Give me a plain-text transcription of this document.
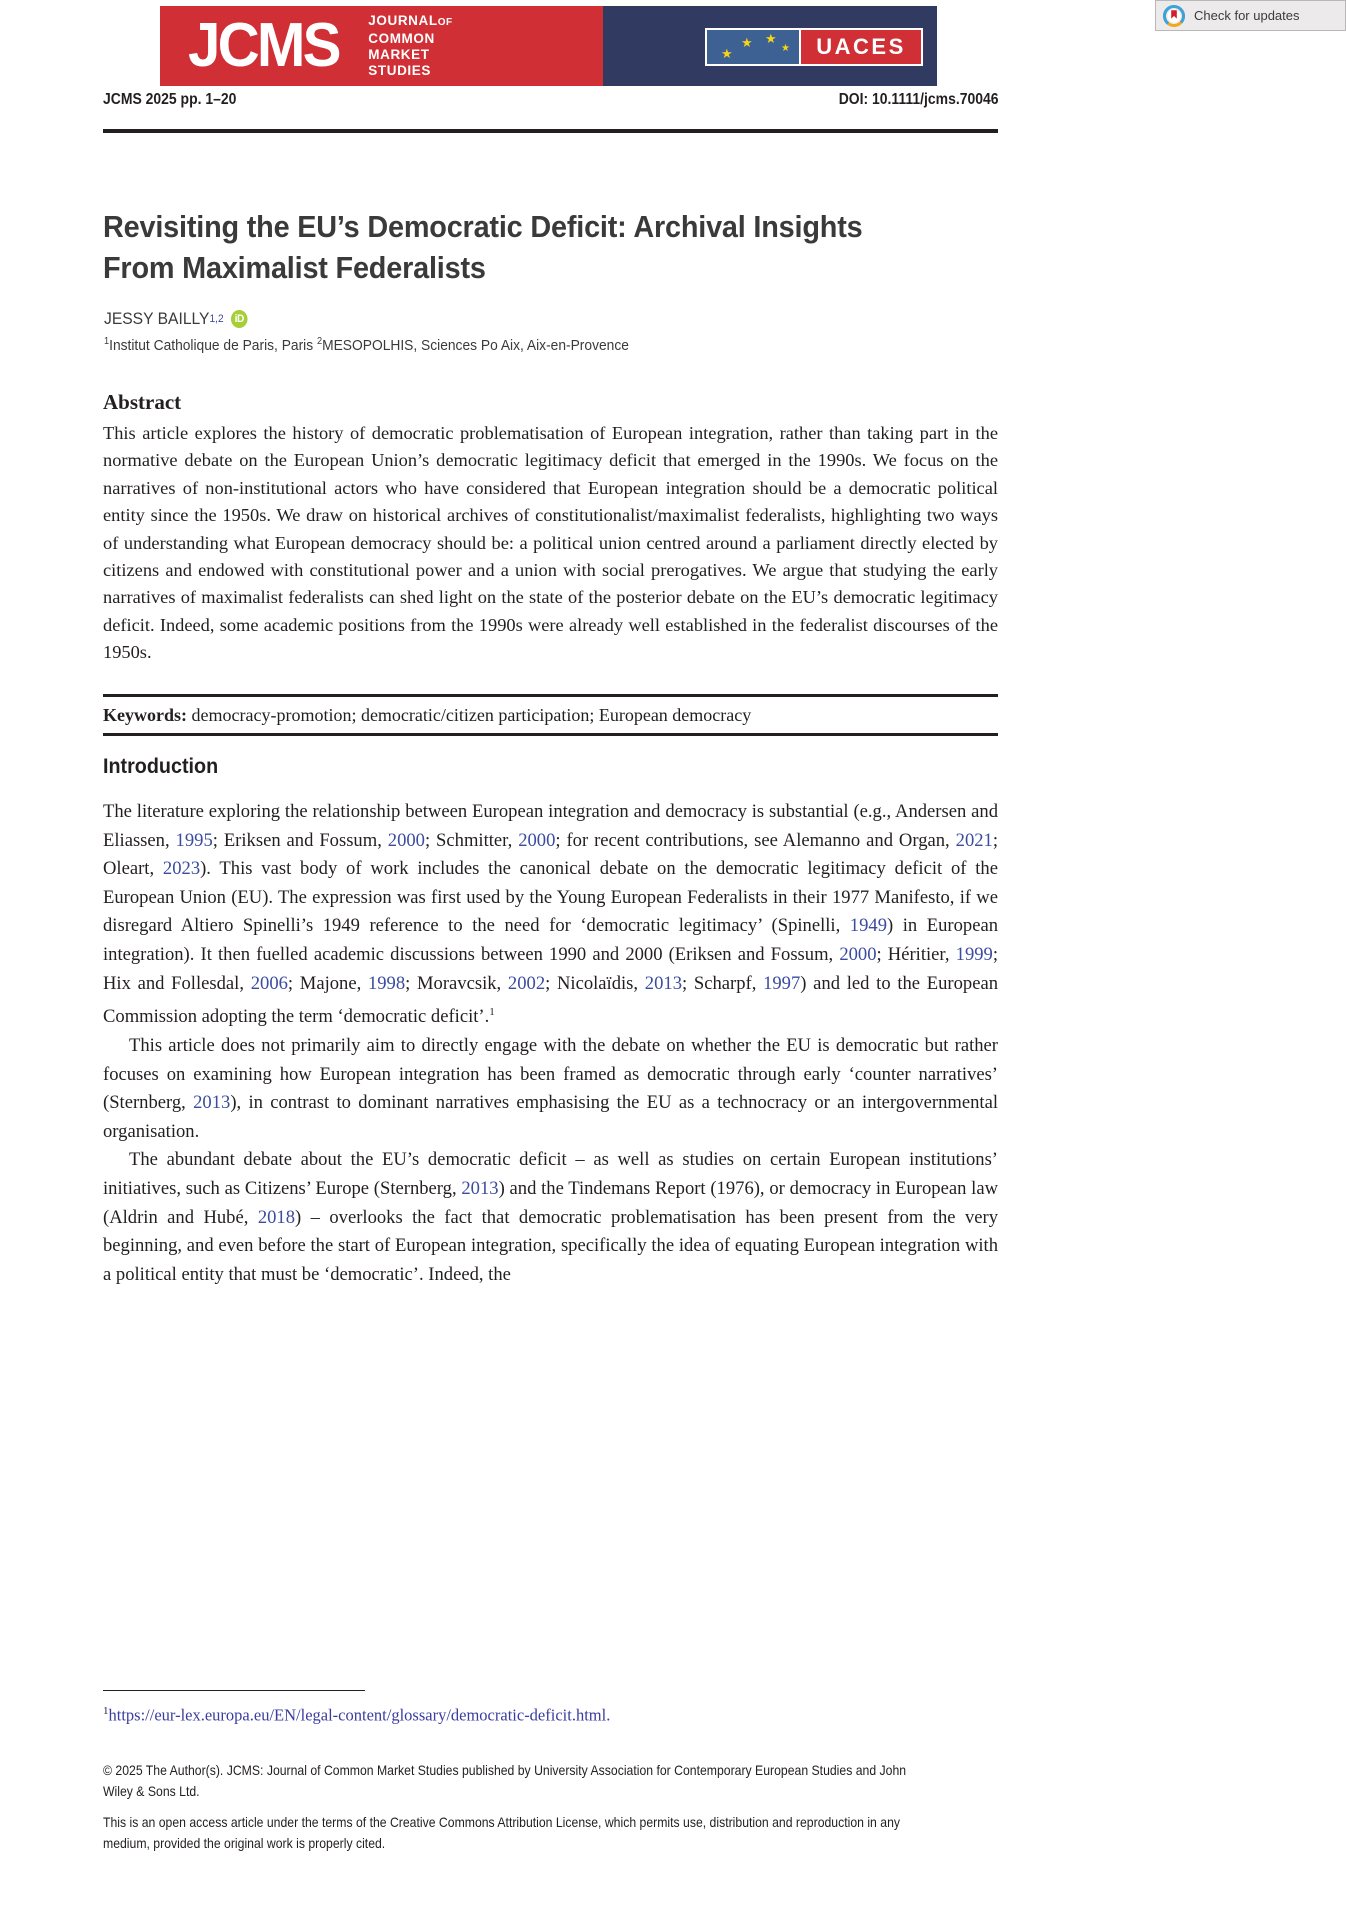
JCMS JOURNALOF
COMMON
MARKET
STUDIES
★
★ ★
★	UACES
Check for updates
JCMS 2025 pp. 1–20	DOI: 10.1111/jcms.70046
Revisiting the EU’s Democratic Deficit: Archival Insights From Maximalist Federalists
JESSY BAILLY 1,2	iD
$^1$Institut Catholique de Paris, Paris $^2$MESOPOLHIS, Sciences Po Aix, Aix-en-Provence
Abstract
This article explores the history of democratic problematisation of European integration, rather than taking part in the normative debate on the European Union’s democratic legitimacy deficit that emerged in the 1990s. We focus on the narratives of non-institutional actors who have considered that European integration should be a democratic political entity since the 1950s. We draw on historical archives of constitutionalist/maximalist federalists, highlighting two ways of understanding what European democracy should be: a political union centred around a parliament directly elected by citizens and endowed with constitutional power and a union with social prerogatives. We argue that studying the early narratives of maximalist federalists can shed light on the state of the posterior debate on the EU’s democratic legitimacy deficit. Indeed, some academic positions from the 1990s were already well established in the federalist discourses of the 1950s.
Keywords: democracy-promotion; democratic/citizen participation; European democracy
Introduction

The literature exploring the relationship between European integration and democracy is substantial (e.g., Andersen and Eliassen, 1995; Eriksen and Fossum, 2000; Schmitter, 2000; for recent contributions, see Alemanno and Organ, 2021; Oleart, 2023). This vast body of work includes the canonical debate on the democratic legitimacy deficit of the European Union (EU). The expression was first used by the Young European Federalists in their 1977 Manifesto, if we disregard Altiero Spinelli’s 1949 reference to the need for ‘democratic legitimacy’ (Spinelli, 1949) in European integration). It then fuelled academic discussions between 1990 and 2000 (Eriksen and Fossum, 2000; Héritier, 1999; Hix and Follesdal, 2006; Majone, 1998; Moravcsik, 2002; Nicolaïdis, 2013; Scharpf, 1997) and led to the European Commission adopting the term ‘democratic deficit’.$^1$

This article does not primarily aim to directly engage with the debate on whether the EU is democratic but rather focuses on examining how European integration has been framed as democratic through early ‘counter narratives’ (Sternberg, 2013), in contrast to dominant narratives emphasising the EU as a technocracy or an intergovernmental organisation.

The abundant debate about the EU’s democratic deficit – as well as studies on certain European institutions’ initiatives, such as Citizens’ Europe (Sternberg, 2013) and the Tindemans Report (1976), or democracy in European law (Aldrin and Hubé, 2018) – overlooks the fact that democratic problematisation has been present from the very beginning, and even before the start of European integration, specifically the idea of equating European integration with a political entity that must be ‘democratic’. Indeed, the

$^1$https://eur-lex.europa.eu/EN/legal-content/glossary/democratic-deficit.html.

© 2025 The Author(s). JCMS: Journal of Common Market Studies published by University Association for Contemporary European Studies and John Wiley & Sons Ltd.

This is an open access article under the terms of the Creative Commons Attribution License, which permits use, distribution and reproduction in any medium, provided the original work is properly cited.
